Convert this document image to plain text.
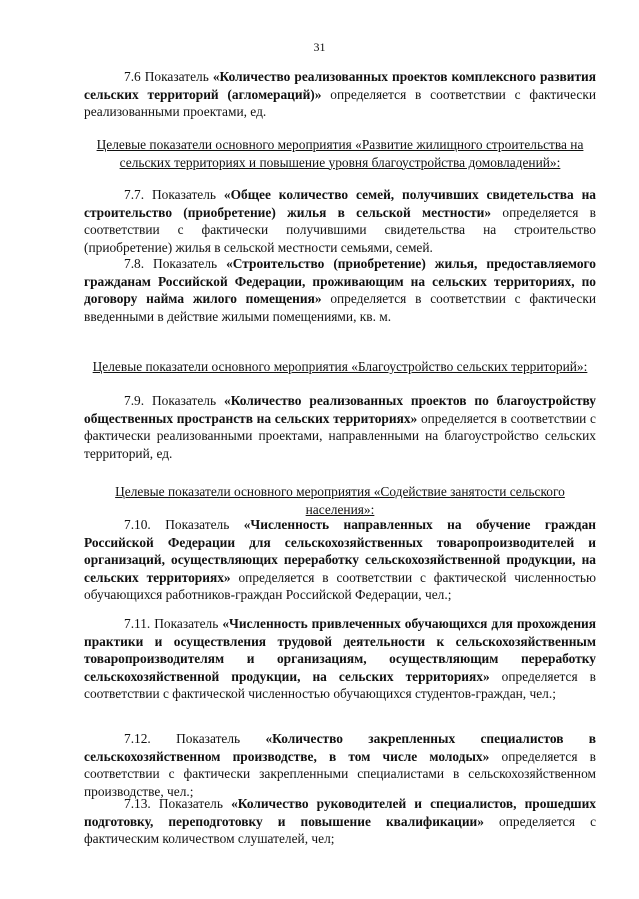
31

7.6 Показатель «Количество реализованных проектов комплексного развития сельских территорий (агломераций)» определяется в соответствии с фактически реализованными проектами, ед.

Целевые показатели основного мероприятия «Развитие жилищного строительства на сельских территориях и повышение уровня благоустройства домовладений»:

7.7. Показатель «Общее количество семей, получивших свидетельства на строительство (приобретение) жилья в сельской местности» определяется в соответствии с фактически получившими свидетельства на строительство (приобретение) жилья в сельской местности семьями, семей.

7.8. Показатель «Строительство (приобретение) жилья, предоставляемого гражданам Российской Федерации, проживающим на сельских территориях, по договору найма жилого помещения» определяется в соответствии с фактически введенными в действие жилыми помещениями, кв. м.

Целевые показатели основного мероприятия «Благоустройство сельских территорий»:

7.9. Показатель «Количество реализованных проектов по благоустройству общественных пространств на сельских территориях» определяется в соответствии с фактически реализованными проектами, направленными на благоустройство сельских территорий, ед.

Целевые показатели основного мероприятия «Содействие занятости сельского населения»:

7.10. Показатель «Численность направленных на обучение граждан Российской Федерации для сельскохозяйственных товаропроизводителей и организаций, осуществляющих переработку сельскохозяйственной продукции, на сельских территориях» определяется в соответствии с фактической численностью обучающихся работников-граждан Российской Федерации, чел.;

7.11. Показатель «Численность привлеченных обучающихся для прохождения практики и осуществления трудовой деятельности к сельскохозяйственным товаропроизводителям и организациям, осуществляющим переработку сельскохозяйственной продукции, на сельских территориях» определяется в соответствии с фактической численностью обучающихся студентов-граждан, чел.;

7.12. Показатель «Количество закрепленных специалистов в сельскохозяйственном производстве, в том числе молодых» определяется в соответствии с фактически закрепленными специалистами в сельскохозяйственном производстве, чел.;

7.13. Показатель «Количество руководителей и специалистов, прошедших подготовку, переподготовку и повышение квалификации» определяется с фактическим количеством слушателей, чел;
